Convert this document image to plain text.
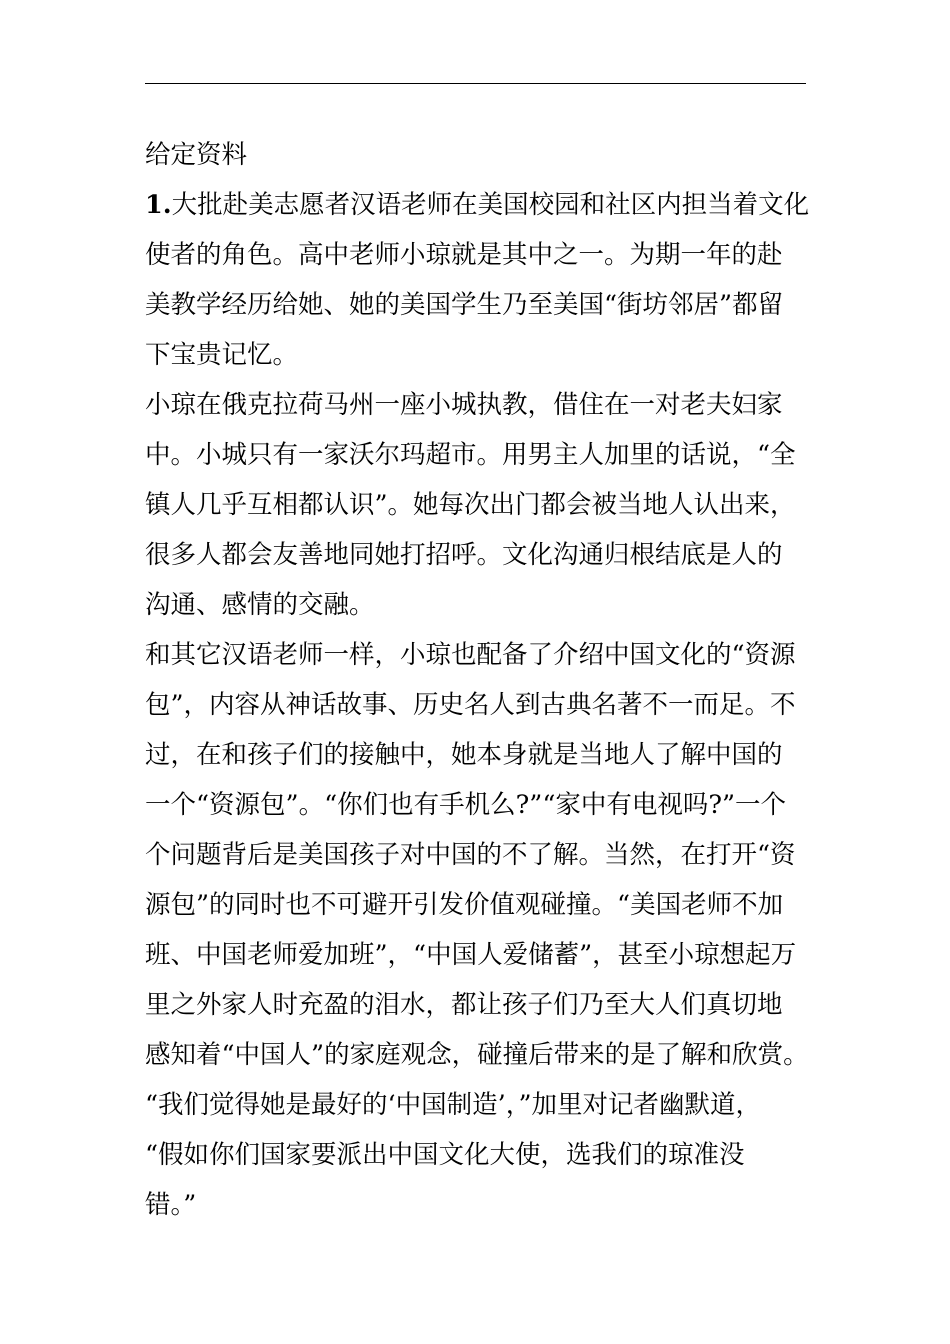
给定资料
1.大批赴美志愿者汉语老师在美国校园和社区内担当着文化
使者的角色。高中老师小琼就是其中之一。为期一年的赴
美教学经历给她、她的美国学生乃至美国“街坊邻居”都留
下宝贵记忆。
小琼在俄克拉荷马州一座小城执教，借住在一对老夫妇家
中。小城只有一家沃尔玛超市。用男主人加里的话说，“全
镇人几乎互相都认识”。她每次出门都会被当地人认出来，
很多人都会友善地同她打招呼。文化沟通归根结底是人的
沟通、感情的交融。
和其它汉语老师一样，小琼也配备了介绍中国文化的“资源
包”，内容从神话故事、历史名人到古典名著不一而足。不
过，在和孩子们的接触中，她本身就是当地人了解中国的
一个“资源包”。“你们也有手机么?”“家中有电视吗?”一个
个问题背后是美国孩子对中国的不了解。当然，在打开“资
源包”的同时也不可避开引发价值观碰撞。“美国老师不加
班、中国老师爱加班”，“中国人爱储蓄”，甚至小琼想起万
里之外家人时充盈的泪水，都让孩子们乃至大人们真切地
感知着“中国人”的家庭观念，碰撞后带来的是了解和欣赏。
“我们觉得她是最好的‘中国制造’，”加里对记者幽默道，
“假如你们国家要派出中国文化大使，选我们的琼准没
错。”
